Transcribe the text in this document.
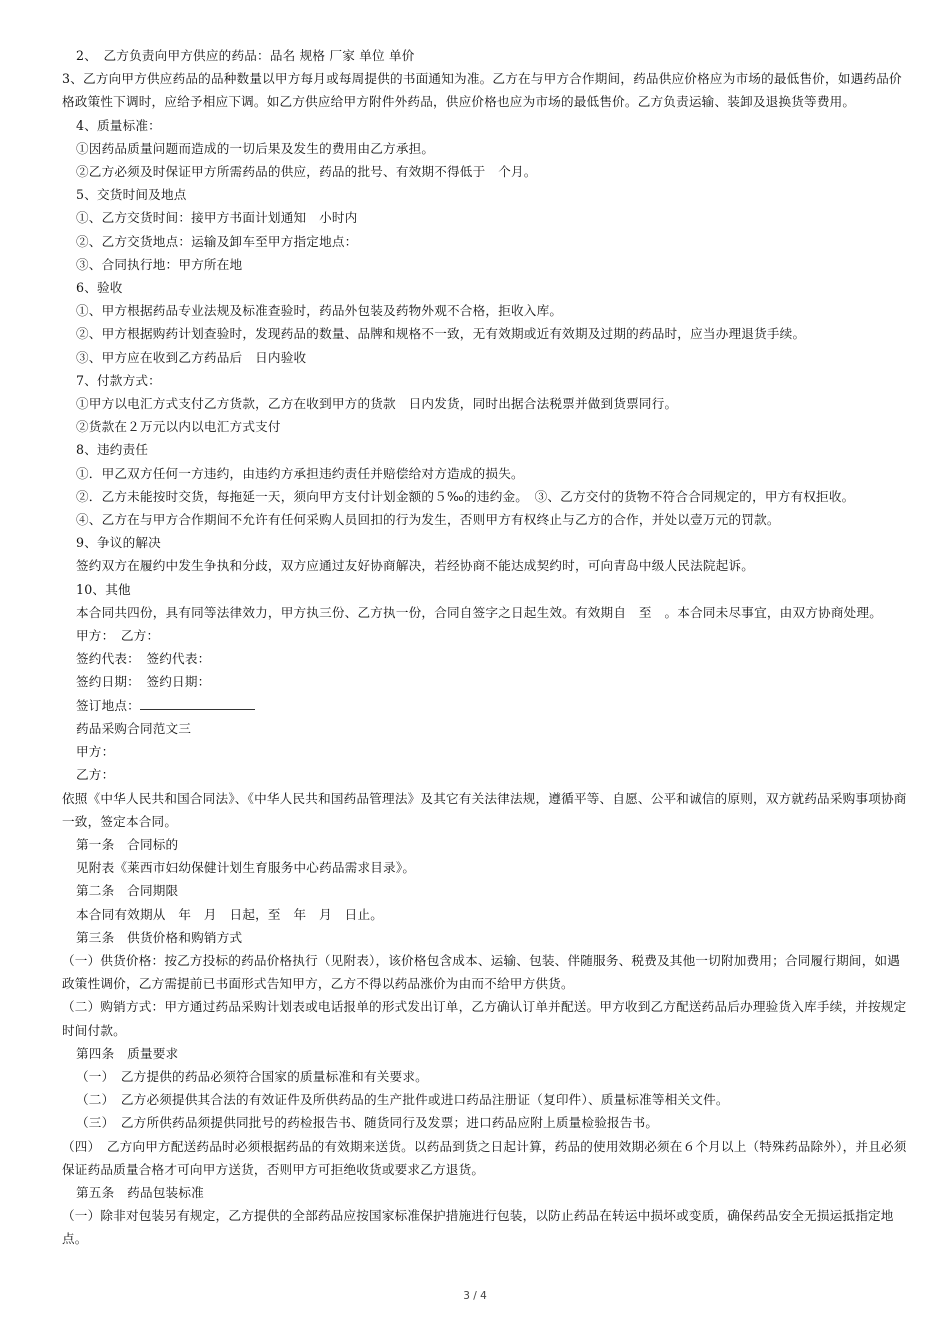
2、　乙方负责向甲方供应的药品：品名 规格 厂家 单位 单价

3、乙方向甲方供应药品的品种数量以甲方每月或每周提供的书面通知为准。乙方在与甲方合作期间，药品供应价格应为市场的最低售价，如遇药品价格政策性下调时，应给予相应下调。如乙方供应给甲方附件外药品，供应价格也应为市场的最低售价。乙方负责运输、装卸及退换货等费用。

4、质量标准：

①因药品质量问题而造成的一切后果及发生的费用由乙方承担。

②乙方必须及时保证甲方所需药品的供应，药品的批号、有效期不得低于　个月。

5、交货时间及地点

①、乙方交货时间：接甲方书面计划通知　小时内

②、乙方交货地点：运输及卸车至甲方指定地点：

③、合同执行地：甲方所在地

6、验收

①、甲方根据药品专业法规及标准查验时，药品外包装及药物外观不合格，拒收入库。

②、甲方根据购药计划查验时，发现药品的数量、品牌和规格不一致，无有效期或近有效期及过期的药品时，应当办理退货手续。

③、甲方应在收到乙方药品后　日内验收

7、付款方式：

①甲方以电汇方式支付乙方货款，乙方在收到甲方的货款　日内发货，同时出据合法税票并做到货票同行。

②货款在２万元以内以电汇方式支付

8、违约责任

①．甲乙双方任何一方违约，由违约方承担违约责任并赔偿给对方造成的损失。

②．乙方未能按时交货，每拖延一天，须向甲方支付计划金额的５‰的违约金。　③、乙方交付的货物不符合合同规定的，甲方有权拒收。

④、乙方在与甲方合作期间不允许有任何采购人员回扣的行为发生，否则甲方有权终止与乙方的合作，并处以壹万元的罚款。

9、争议的解决

签约双方在履约中发生争执和分歧，双方应通过友好协商解决，若经协商不能达成契约时，可向青岛中级人民法院起诉。

10、其他

本合同共四份，具有同等法律效力，甲方执三份、乙方执一份，合同自签字之日起生效。有效期自　至　。本合同未尽事宜，由双方协商处理。

甲方：　乙方：

签约代表：　签约代表：

签约日期：　签约日期：

签订地点：

药品采购合同范文三

甲方：

乙方：

依照《中华人民共和国合同法》、《中华人民共和国药品管理法》及其它有关法律法规，遵循平等、自愿、公平和诚信的原则，双方就药品采购事项协商一致，签定本合同。

第一条　合同标的

见附表《莱西市妇幼保健计划生育服务中心药品需求目录》。

第二条　合同期限

本合同有效期从　年　月　日起，至　年　月　日止。

第三条　供货价格和购销方式

（一）供货价格：按乙方投标的药品价格执行（见附表），该价格包含成本、运输、包装、伴随服务、税费及其他一切附加费用；合同履行期间，如遇政策性调价，乙方需提前已书面形式告知甲方，乙方不得以药品涨价为由而不给甲方供货。

（二）购销方式：甲方通过药品采购计划表或电话报单的形式发出订单，乙方确认订单并配送。甲方收到乙方配送药品后办理验货入库手续，并按规定时间付款。

第四条　质量要求

（一）　乙方提供的药品必须符合国家的质量标准和有关要求。

（二）　乙方必须提供其合法的有效证件及所供药品的生产批件或进口药品注册证（复印件）、质量标准等相关文件。

（三）　乙方所供药品须提供同批号的药检报告书、随货同行及发票；进口药品应附上质量检验报告书。

（四）　乙方向甲方配送药品时必须根据药品的有效期来送货。以药品到货之日起计算，药品的使用效期必须在６个月以上（特殊药品除外），并且必须保证药品质量合格才可向甲方送货，否则甲方可拒绝收货或要求乙方退货。

第五条　药品包装标准

（一）除非对包装另有规定，乙方提供的全部药品应按国家标准保护措施进行包装，以防止药品在转运中损坏或变质，确保药品安全无损运抵指定地点。

3 / 4
